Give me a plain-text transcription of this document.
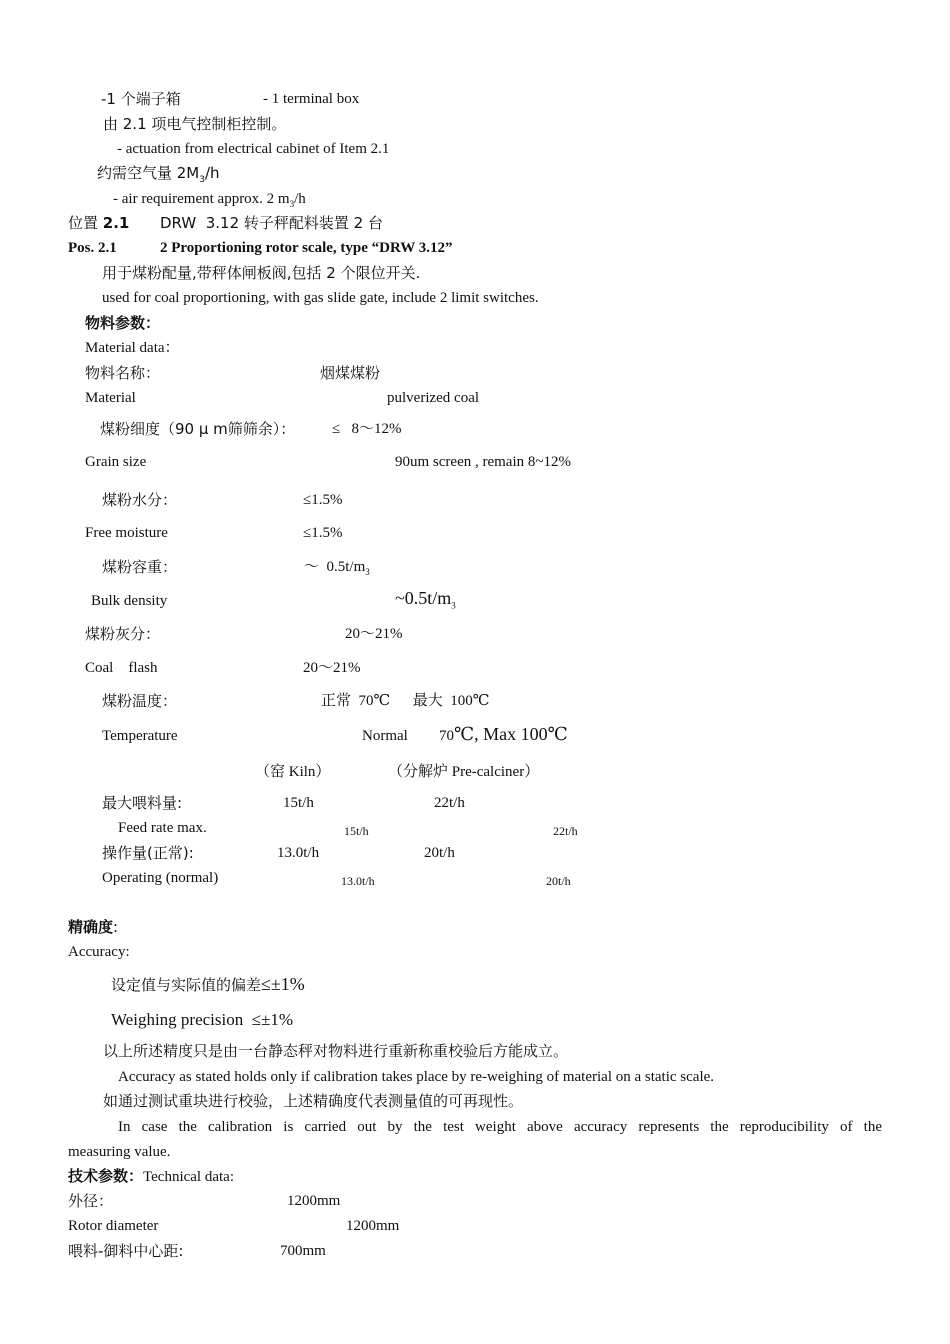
-1 个端子箱	- 1 terminal box
由 2.1 项电气控制柜控制。
- actuation from electrical cabinet of Item 2.1
约需空气量 $2M_3/h$
- air requirement approx. 2 $m_3/h$
位置 2.1 DRW  3.12 转子秤配料装置 2 台
Pos. 2.1	2 Proportioning rotor scale, type “DRW 3.12”
用于煤粉配量,带秤体闸板阀,包括 2 个限位开关.
used for coal proportioning, with gas slide gate, include 2 limit switches.
物料参数：
Material data：
物料名称：	烟煤煤粉
Material	pulverized coal
煤粉细度（90 μ m筛筛余）： ≤   8～12%
Grain size	90um screen , remain 8~12%
煤粉水分：	≤1.5%
Free moisture	≤1.5%
煤粉容重：	～  $0.5t/m_3$
Bulk density	$\sim 0.5t/m_3$
煤粉灰分：	20～21%
Coal    flash	20～21%
煤粉温度：	正常  70℃      最大  100℃
Temperature	Normal 70℃, Max 100℃
（窑 Kiln）	（分解炉 Pre-calciner）
最大喂料量:	15t/h	22t/h
Feed rate max.	15t/h	22t/h
操作量(正常):	13.0t/h	20t/h
Operating (normal)	13.0t/h	20t/h
精确度:
Accuracy:
设定值与实际值的偏差≤±1%
Weighing precision  ≤±1%
以上所述精度只是由一台静态秤对物料进行重新称重校验后方能成立。
Accuracy as stated holds only if calibration takes place by re-weighing of material on a static scale.
如通过测试重块进行校验，上述精确度代表测量值的可再现性。
In case the calibration is carried out by the test weight above accuracy represents the reproducibility of the
measuring value.
技术参数：Technical data:
外径：	1200mm
Rotor diameter	1200mm
喂料-御料中心距:	700mm
